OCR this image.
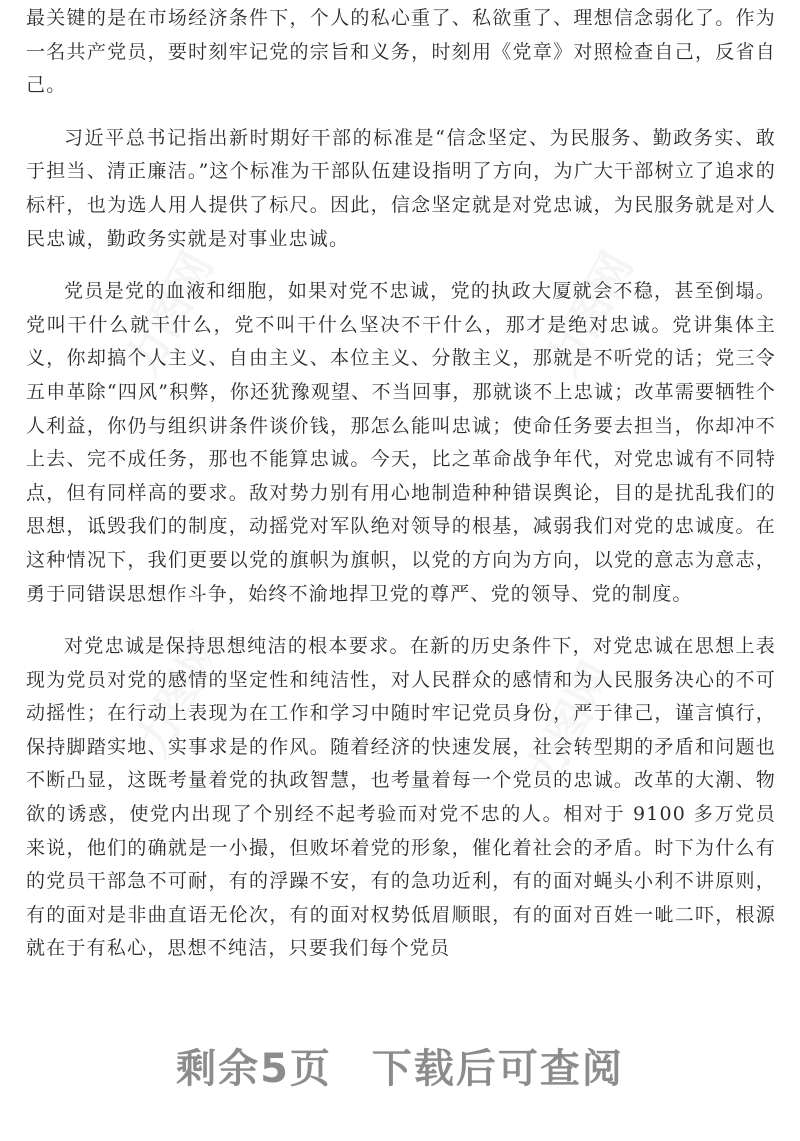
力图网	力图网
力图网	力图网

最关键的是在市场经济条件下，个人的私心重了、私欲重了、理想信念弱化了。作为一名共产党员，要时刻牢记党的宗旨和义务，时刻用《党章》对照检查自己，反省自己。

习近平总书记指出新时期好干部的标准是“信念坚定、为民服务、勤政务实、敢于担当、清正廉洁。”这个标准为干部队伍建设指明了方向，为广大干部树立了追求的标杆，也为选人用人提供了标尺。因此，信念坚定就是对党忠诚，为民服务就是对人民忠诚，勤政务实就是对事业忠诚。

党员是党的血液和细胞，如果对党不忠诚，党的执政大厦就会不稳，甚至倒塌。党叫干什么就干什么，党不叫干什么坚决不干什么，那才是绝对忠诚。党讲集体主义，你却搞个人主义、自由主义、本位主义、分散主义，那就是不听党的话；党三令五申革除“四风”积弊，你还犹豫观望、不当回事，那就谈不上忠诚；改革需要牺牲个人利益，你仍与组织讲条件谈价钱，那怎么能叫忠诚；使命任务要去担当，你却冲不上去、完不成任务，那也不能算忠诚。今天，比之革命战争年代，对党忠诚有不同特点，但有同样高的要求。敌对势力别有用心地制造种种错误舆论，目的是扰乱我们的思想，诋毁我们的制度，动摇党对军队绝对领导的根基，减弱我们对党的忠诚度。在这种情况下，我们更要以党的旗帜为旗帜，以党的方向为方向，以党的意志为意志，勇于同错误思想作斗争，始终不渝地捍卫党的尊严、党的领导、党的制度。

对党忠诚是保持思想纯洁的根本要求。在新的历史条件下，对党忠诚在思想上表现为党员对党的感情的坚定性和纯洁性，对人民群众的感情和为人民服务决心的不可动摇性；在行动上表现为在工作和学习中随时牢记党员身份，严于律己，谨言慎行，保持脚踏实地、实事求是的作风。随着经济的快速发展，社会转型期的矛盾和问题也不断凸显，这既考量着党的执政智慧，也考量着每一个党员的忠诚。改革的大潮、物欲的诱惑，使党内出现了个别经不起考验而对党不忠的人。相对于 9100 多万党员来说，他们的确就是一小撮，但败坏着党的形象，催化着社会的矛盾。时下为什么有的党员干部急不可耐，有的浮躁不安，有的急功近利，有的面对蝇头小利不讲原则，有的面对是非曲直语无伦次，有的面对权势低眉顺眼，有的面对百姓一呲二吓，根源就在于有私心，思想不纯洁，只要我们每个党员

剩余5页 下载后可查阅
